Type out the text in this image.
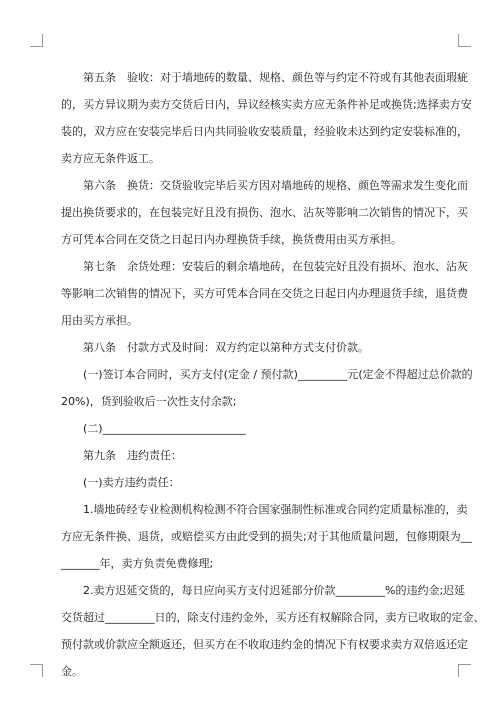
第五条　验收：对于墙地砖的数量、规格、颜色等与约定不符或有其他表面瑕疵
的，买方异议期为卖方交货后日内，异议经核实卖方应无条件补足或换货;选择卖方安
装的，双方应在安装完毕后日内共同验收安装质量，经验收未达到约定安装标准的，
卖方应无条件返工。
第六条　换货：交货验收完毕后买方因对墙地砖的规格、颜色等需求发生变化而
提出换货要求的，在包装完好且没有损伤、泡水、沾灰等影响二次销售的情况下，买
方可凭本合同在交货之日起日内办理换货手续，换货费用由买方承担。
第七条　余货处理：安装后的剩余墙地砖，在包装完好且没有损坏、泡水、沾灰
等影响二次销售的情况下，买方可凭本合同在交货之日起日内办理退货手续，退货费
用由买方承担。
第八条　付款方式及时间：双方约定以第种方式支付价款。
(一)签订本合同时，买方支付(定金 / 预付款)_________元(定金不得超过总价款的
20%)，货到验收后一次性支付余款;
(二)__________________________
第九条　违约责任：
(一)卖方违约责任：
1.墙地砖经专业检测机构检测不符合国家强制性标准或合同约定质量标准的，卖
方应无条件换、退货，或赔偿买方由此受到的损失;对于其他质量问题，包修期限为__
_______年，卖方负责免费修理;
2.卖方迟延交货的，每日应向买方支付迟延部分价款_________%的违约金;迟延
交货超过_________日的，除支付违约金外，买方还有权解除合同，卖方已收取的定金、
预付款或价款应全额返还，但买方在不收取违约金的情况下有权要求卖方双倍返还定
金。
